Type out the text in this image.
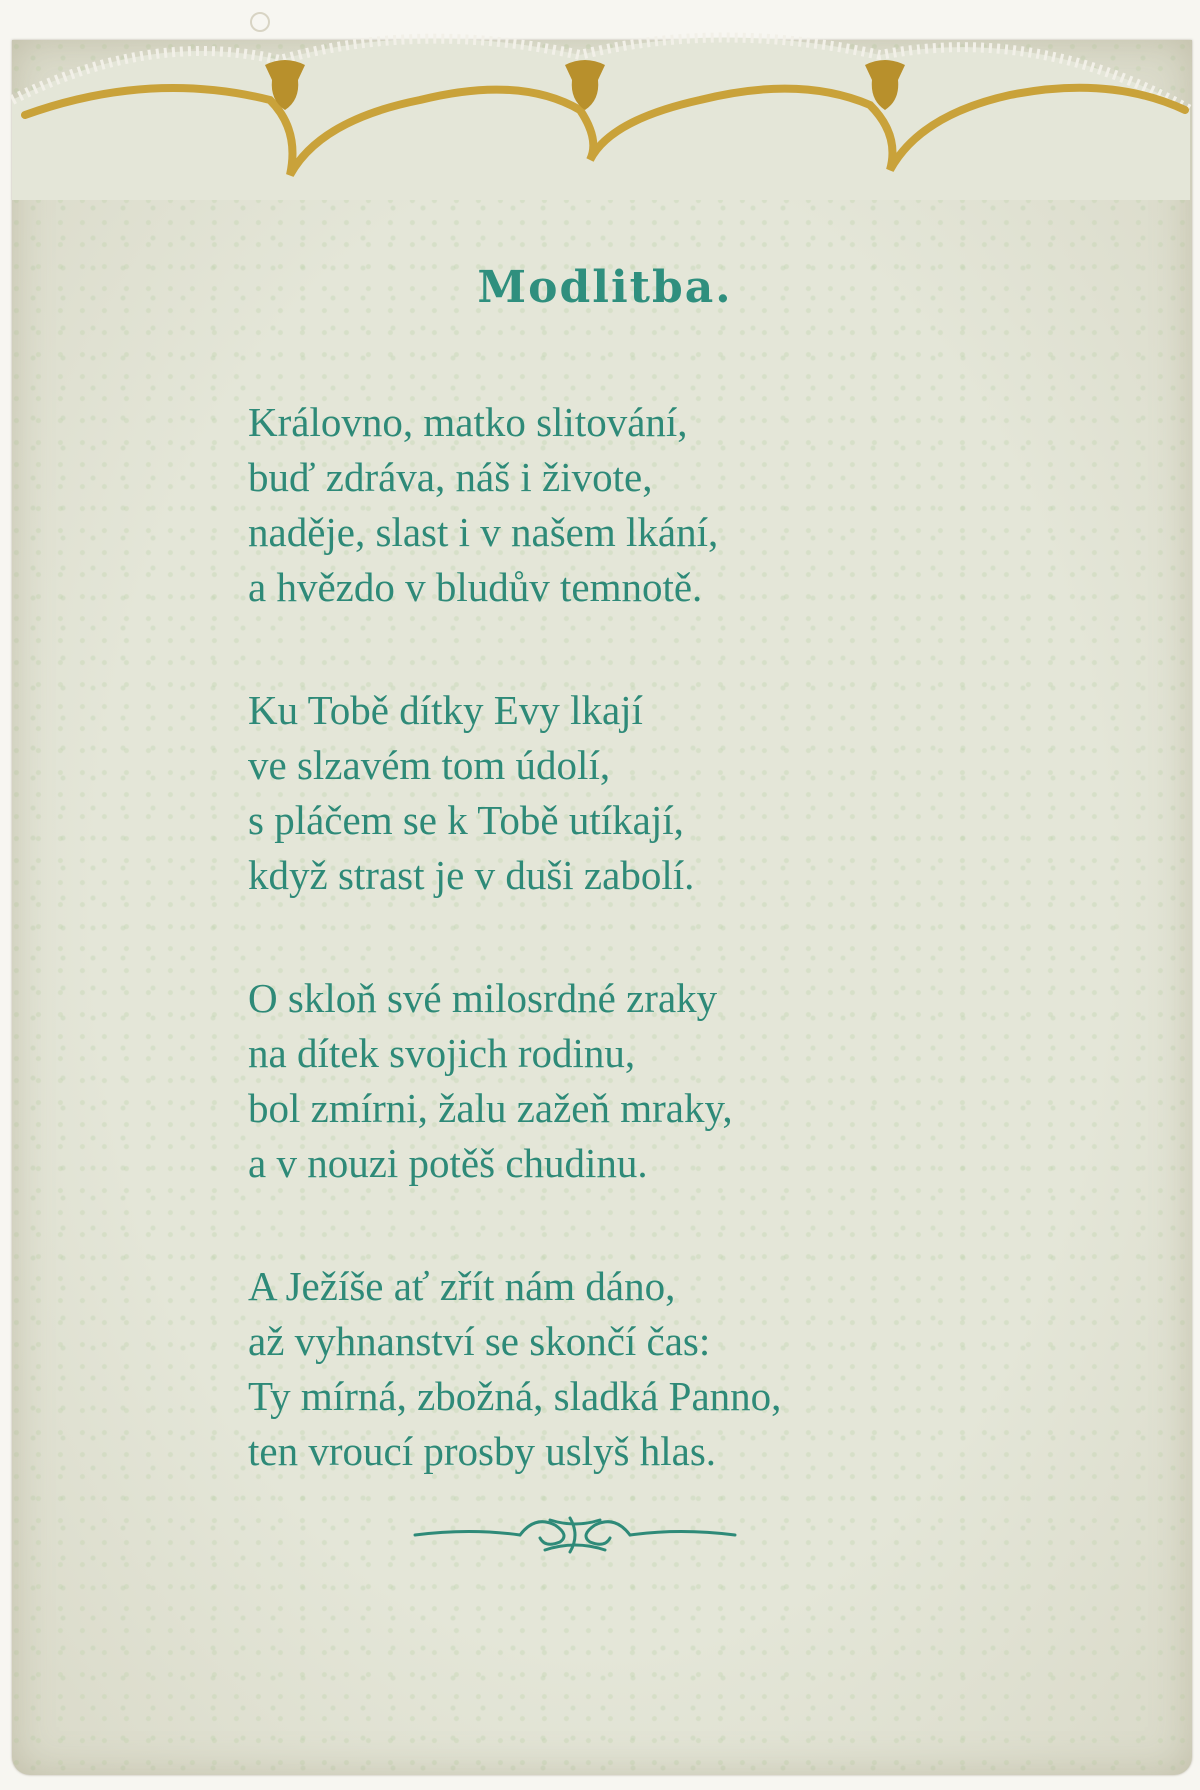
Modlitba.
Královno, matko slitování,
buď zdráva, náš i živote,
naděje, slast i v našem lkání,
a hvězdo v bludův temnotě.
Ku Tobě dítky Evy lkají
ve slzavém tom údolí,
s pláčem se k Tobě utíkají,
když strast je v duši zabolí.
O skloň své milosrdné zraky
na dítek svojich rodinu,
bol zmírni, žalu zažeň mraky,
a v nouzi potěš chudinu.
A Ježíše ať zřít nám dáno,
až vyhnanství se skončí čas:
Ty mírná, zbožná, sladká Panno,
ten vroucí prosby uslyš hlas.
